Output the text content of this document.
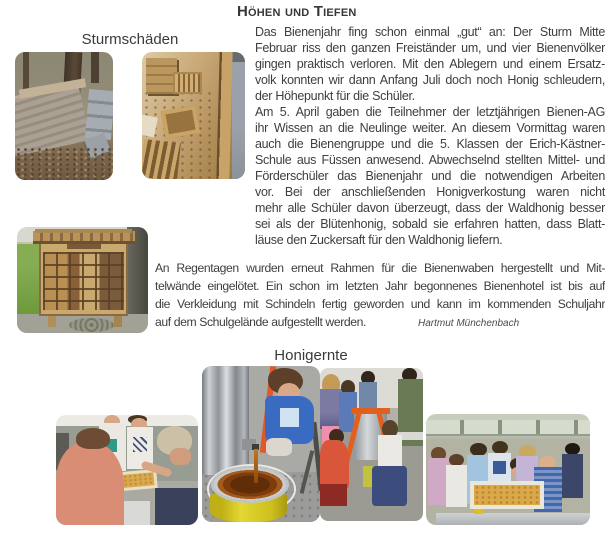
Höhen und Tiefen
Sturmschäden	Das Bienenjahr fing schon einmal „gut“ an: Der Sturm Mitte
Februar riss den ganzen Freiständer um, und vier Bienenvölker
gingen praktisch verloren. Mit den Ablegern und einem Ersatz-
volk konnten wir dann Anfang Juli doch noch Honig schleudern,
der Höhepunkt für die Schüler.
Am 5. April gaben die Teilnehmer der letztjährigen Bienen-AG
ihr Wissen an die Neulinge weiter. An diesem Vormittag waren
auch die Bienengruppe und die 5. Klassen der Erich-Kästner-
Schule aus Füssen anwesend. Abwechselnd stellten Mittel- und
Förderschüler das Bienenjahr und die notwendigen Arbeiten
vor. Bei der anschließenden Honigverkostung waren nicht
mehr alle Schüler davon überzeugt, dass der Waldhonig besser
sei als der Blütenhonig, sobald sie erfahren hatten, dass Blatt-
läuse den Zuckersaft für den Waldhonig liefern.
An Regentagen wurden erneut Rahmen für die Bienenwaben hergestellt und Mit-
telwände eingelötet. Ein schon im letzten Jahr begonnenes Bienenhotel ist bis auf
die Verkleidung mit Schindeln fertig geworden und kann im kommenden Schuljahr
auf dem Schulgelände aufgestellt werden.	Hartmut Münchenbach
Honigernte
